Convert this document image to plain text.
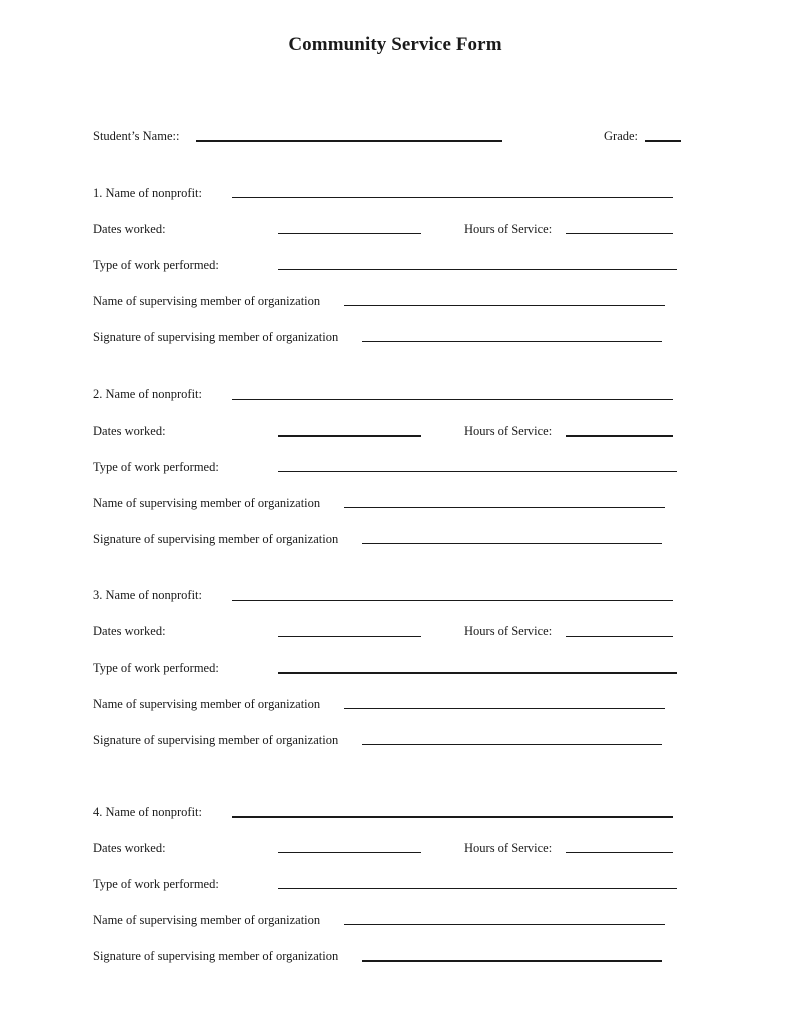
Community Service Form
Student’s Name::	Grade:
1. Name of nonprofit:
Dates worked:	Hours of Service:
Type of work performed:
Name of supervising member of organization
Signature of supervising member of organization
2. Name of nonprofit:
Dates worked:	Hours of Service:
Type of work performed:
Name of supervising member of organization
Signature of supervising member of organization
3. Name of nonprofit:
Dates worked:	Hours of Service:
Type of work performed:
Name of supervising member of organization
Signature of supervising member of organization
4. Name of nonprofit:
Dates worked:	Hours of Service:
Type of work performed:
Name of supervising member of organization
Signature of supervising member of organization
